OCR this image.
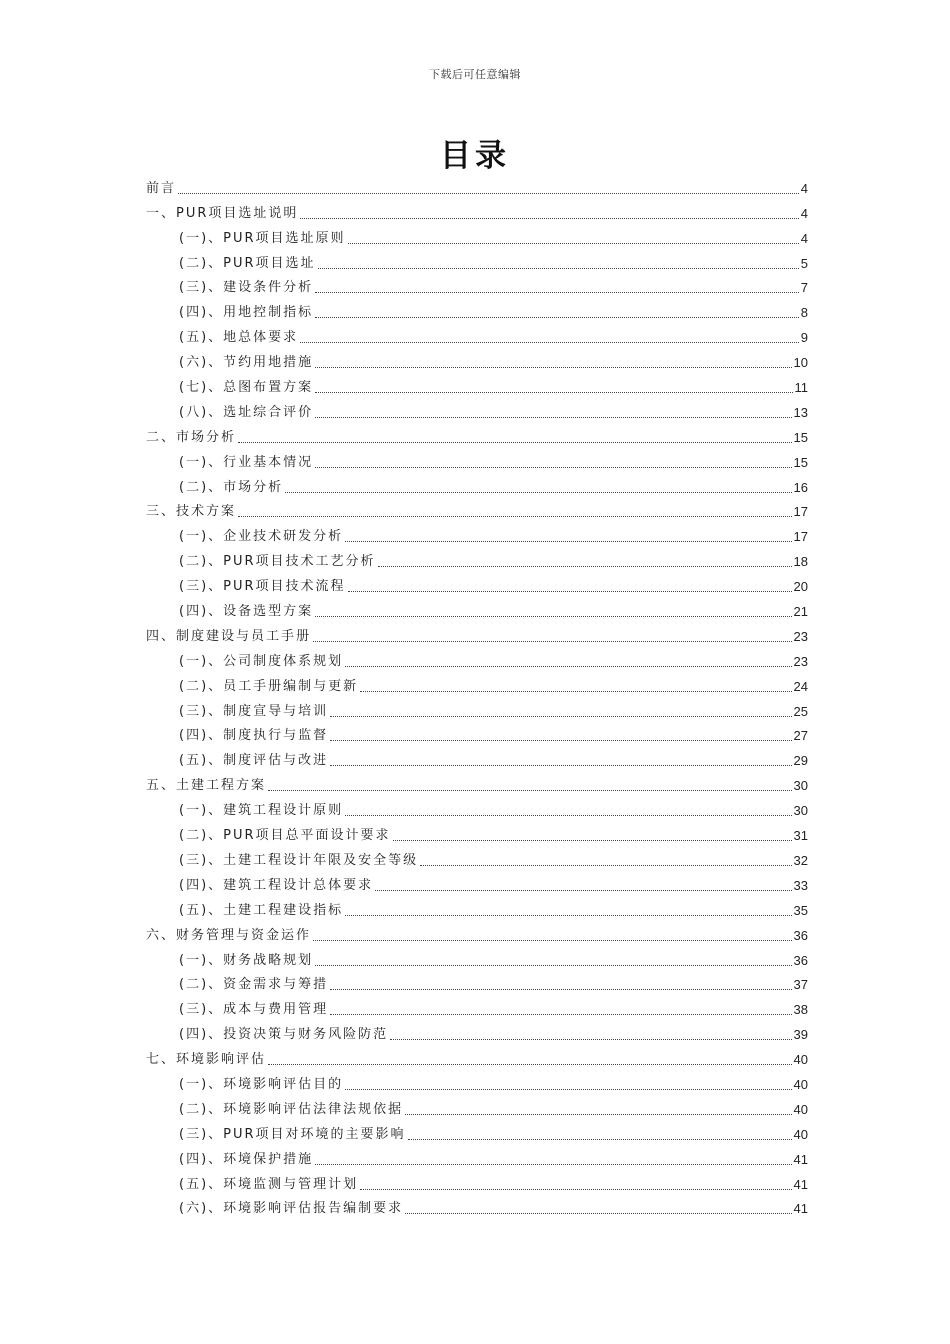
下载后可任意编辑
目录
前言	4
一、PUR项目选址说明	4
(一)、PUR项目选址原则	4
(二)、PUR项目选址	5
(三)、建设条件分析	7
(四)、用地控制指标	8
(五)、地总体要求	9
(六)、节约用地措施	10
(七)、总图布置方案	11
(八)、选址综合评价	13
二、市场分析	15
(一)、行业基本情况	15
(二)、市场分析	16
三、技术方案	17
(一)、企业技术研发分析	17
(二)、PUR项目技术工艺分析	18
(三)、PUR项目技术流程	20
(四)、设备选型方案	21
四、制度建设与员工手册	23
(一)、公司制度体系规划	23
(二)、员工手册编制与更新	24
(三)、制度宣导与培训	25
(四)、制度执行与监督	27
(五)、制度评估与改进	29
五、土建工程方案	30
(一)、建筑工程设计原则	30
(二)、PUR项目总平面设计要求	31
(三)、土建工程设计年限及安全等级	32
(四)、建筑工程设计总体要求	33
(五)、土建工程建设指标	35
六、财务管理与资金运作	36
(一)、财务战略规划	36
(二)、资金需求与筹措	37
(三)、成本与费用管理	38
(四)、投资决策与财务风险防范	39
七、环境影响评估	40
(一)、环境影响评估目的	40
(二)、环境影响评估法律法规依据	40
(三)、PUR项目对环境的主要影响	40
(四)、环境保护措施	41
(五)、环境监测与管理计划	41
(六)、环境影响评估报告编制要求	41
